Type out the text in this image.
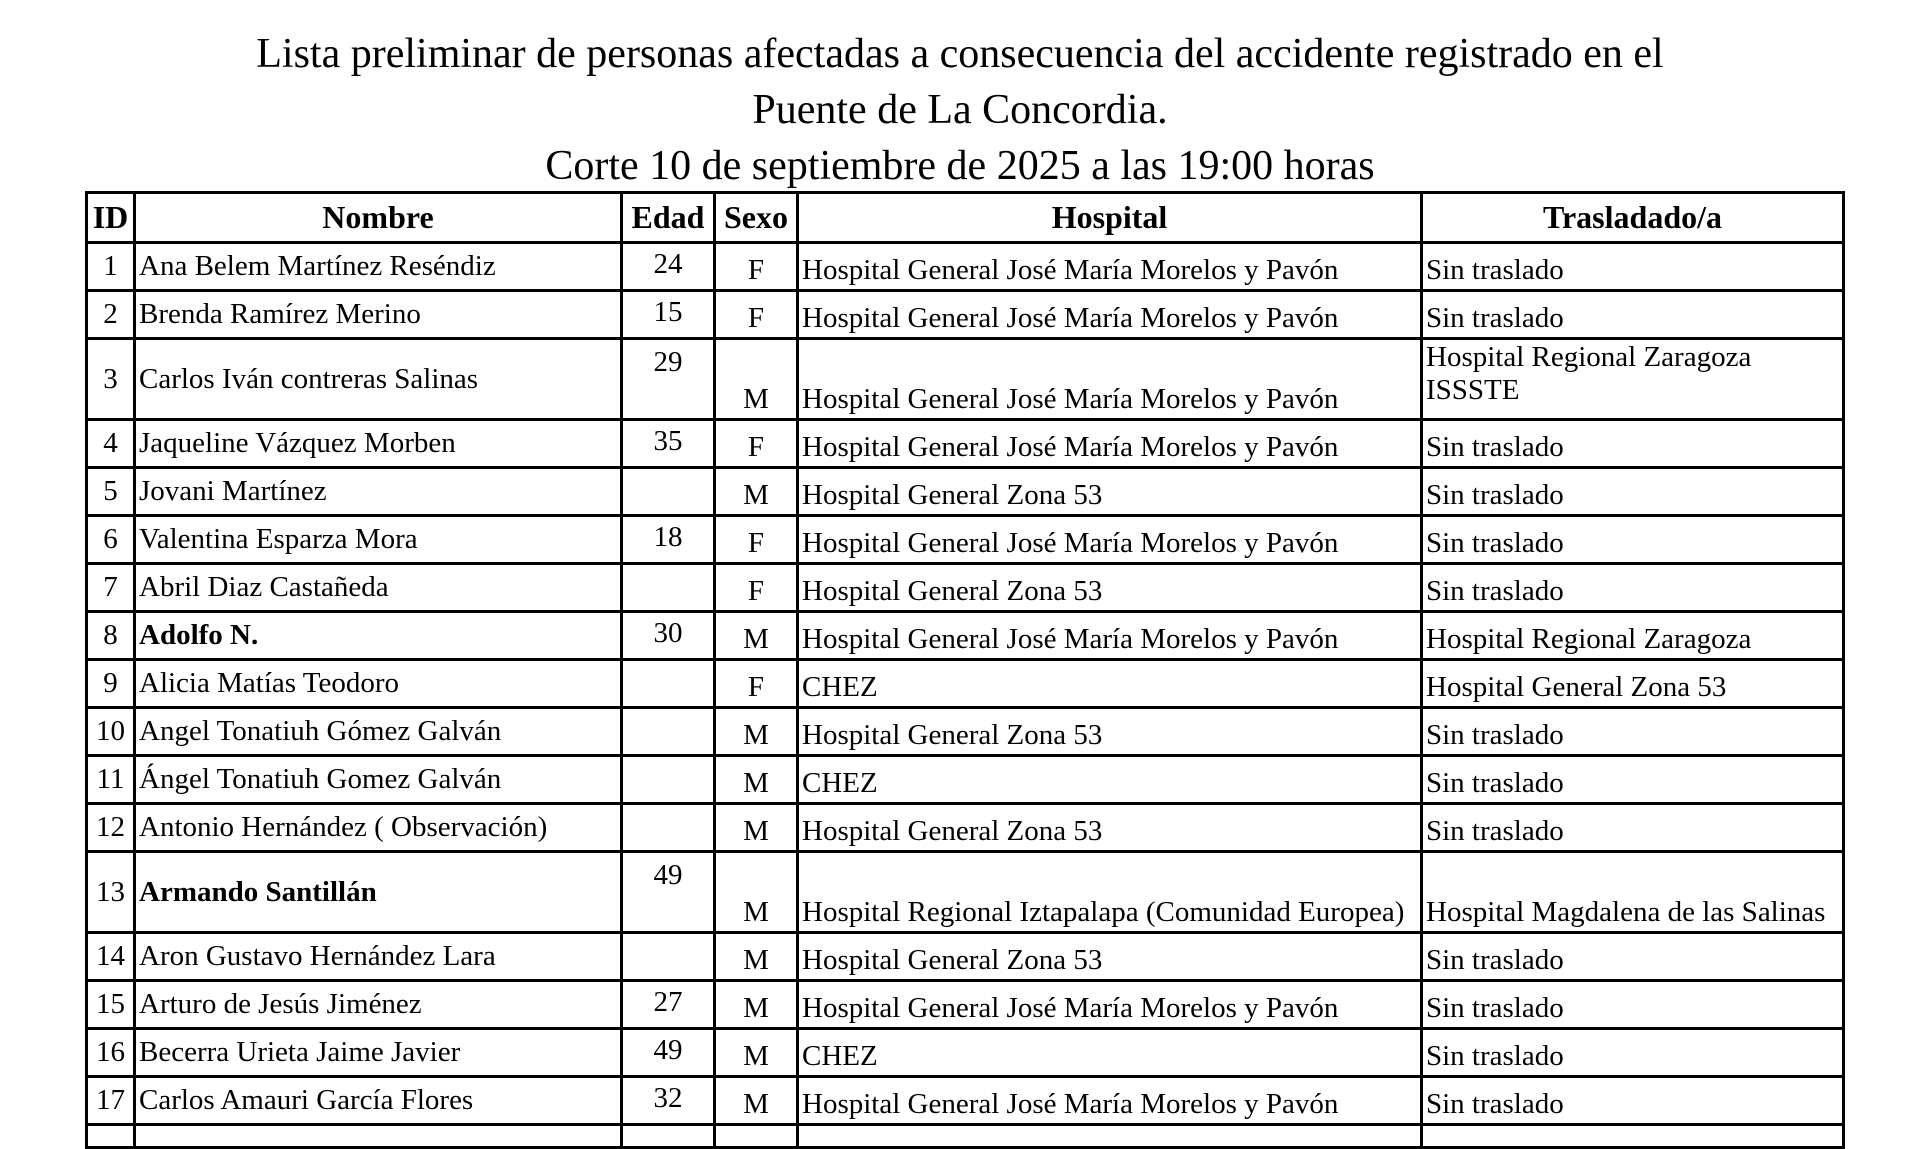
Lista preliminar de personas afectadas a consecuencia del accidente registrado en el
Puente de La Concordia.
Corte 10 de septiembre de 2025 a las 19:00 horas
ID	Nombre	Edad	Sexo	Hospital	Trasladado/a
1	Ana Belem Martínez Reséndiz	24	F	Hospital General José María Morelos y Pavón	Sin traslado
2	Brenda Ramírez Merino	15	F	Hospital General José María Morelos y Pavón	Sin traslado
3	Carlos Iván contreras Salinas	29	M	Hospital General José María Morelos y Pavón	Hospital Regional Zaragoza ISSSTE
4	Jaqueline Vázquez Morben	35	F	Hospital General José María Morelos y Pavón	Sin traslado
5	Jovani Martínez		M	Hospital General Zona 53	Sin traslado
6	Valentina Esparza Mora	18	F	Hospital General José María Morelos y Pavón	Sin traslado
7	Abril Diaz Castañeda		F	Hospital General Zona 53	Sin traslado
8	Adolfo N.	30	M	Hospital General José María Morelos y Pavón	Hospital Regional Zaragoza
9	Alicia Matías Teodoro		F	CHEZ	Hospital General Zona 53
10	Angel Tonatiuh Gómez Galván		M	Hospital General Zona 53	Sin traslado
11	Ángel Tonatiuh Gomez Galván		M	CHEZ	Sin traslado
12	Antonio Hernández ( Observación)		M	Hospital General Zona 53	Sin traslado
13	Armando Santillán	49	M	Hospital Regional Iztapalapa (Comunidad Europea)	Hospital Magdalena de las Salinas
14	Aron Gustavo Hernández Lara		M	Hospital General Zona 53	Sin traslado
15	Arturo de Jesús Jiménez	27	M	Hospital General José María Morelos y Pavón	Sin traslado
16	Becerra Urieta Jaime Javier	49	M	CHEZ	Sin traslado
17	Carlos Amauri García Flores	32	M	Hospital General José María Morelos y Pavón	Sin traslado
